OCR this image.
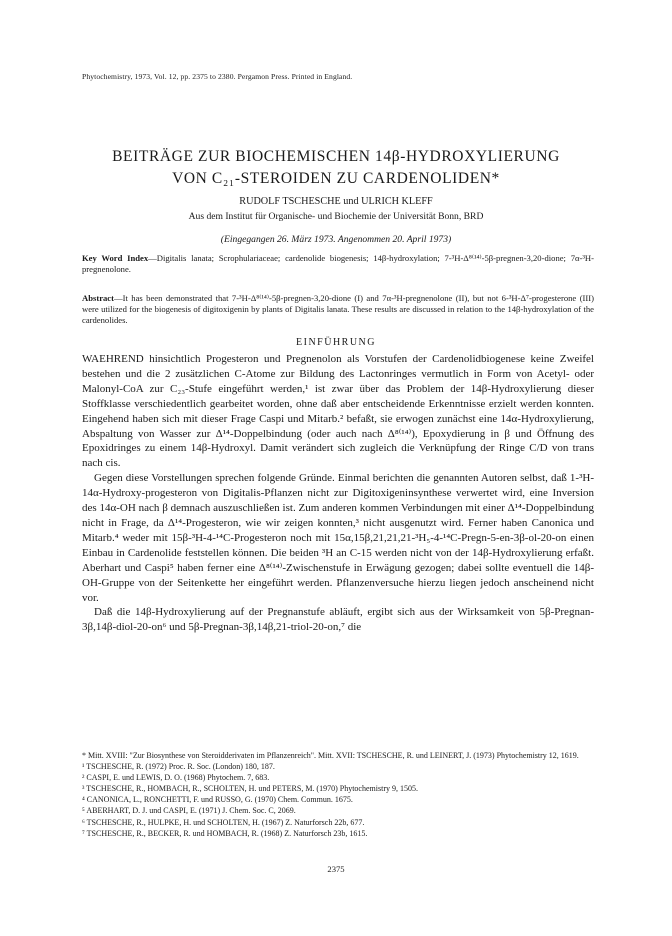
Phytochemistry, 1973, Vol. 12, pp. 2375 to 2380. Pergamon Press. Printed in England.
BEITRÄGE ZUR BIOCHEMISCHEN 14β-HYDROXYLIERUNG
VON C₂₁-STEROIDEN ZU CARDENOLIDEN*
RUDOLF TSCHESCHE und ULRICH KLEFF
Aus dem Institut für Organische- und Biochemie der Universität Bonn, BRD
(Eingegangen 26. März 1973. Angenommen 20. April 1973)
Key Word Index—Digitalis lanata; Scrophulariaceae; cardenolide biogenesis; 14β-hydroxylation; 7-³H-Δ⁸⁽¹⁴⁾-5β-pregnen-3,20-dione; 7α-³H-pregnenolone.
Abstract—It has been demonstrated that 7-³H-Δ⁸⁽¹⁴⁾-5β-pregnen-3,20-dione (I) and 7α-³H-pregnenolone (II), but not 6-³H-Δ⁷-progesterone (III) were utilized for the biogenesis of digitoxigenin by plants of Digitalis lanata. These results are discussed in relation to the 14β-hydroxylation of the cardenolides.
EINFÜHRUNG

WAEHREND hinsichtlich Progesteron und Pregnenolon als Vorstufen der Cardenolidbiogenese keine Zweifel bestehen und die 2 zusätzlichen C-Atome zur Bildung des Lactonringes vermutlich in Form von Acetyl- oder Malonyl-CoA zur C₂₃-Stufe eingeführt werden,¹ ist zwar über das Problem der 14β-Hydroxylierung dieser Stoffklasse verschiedentlich gearbeitet worden, ohne daß aber entscheidende Erkenntnisse erzielt werden konnten. Eingehend haben sich mit dieser Frage Caspi und Mitarb.² befaßt, sie erwogen zunächst eine 14α-Hydroxylierung, Abspaltung von Wasser zur Δ¹⁴-Doppelbindung (oder auch nach Δ⁸⁽¹⁴⁾), Epoxydierung in β und Öffnung des Epoxidringes zu einem 14β-Hydroxyl. Damit verändert sich zugleich die Verknüpfung der Ringe C/D von trans nach cis.

Gegen diese Vorstellungen sprechen folgende Gründe. Einmal berichten die genannten Autoren selbst, daß 1-³H-14α-Hydroxy-progesteron von Digitalis-Pflanzen nicht zur Digitoxigeninsynthese verwertet wird, eine Inversion des 14α-OH nach β demnach auszuschließen ist. Zum anderen kommen Verbindungen mit einer Δ¹⁴-Doppelbindung nicht in Frage, da Δ¹⁴-Progesteron, wie wir zeigen konnten,³ nicht ausgenutzt wird. Ferner haben Canonica und Mitarb.⁴ weder mit 15β-³H-4-¹⁴C-Progesteron noch mit 15α,15β,21,21,21-³H₅-4-¹⁴C-Pregn-5-en-3β-ol-20-on einen Einbau in Cardenolide feststellen können. Die beiden ³H an C-15 werden nicht von der 14β-Hydroxylierung erfaßt. Aberhart und Caspi⁵ haben ferner eine Δ⁸⁽¹⁴⁾-Zwischenstufe in Erwägung gezogen; dabei sollte eventuell die 14β-OH-Gruppe von der Seitenkette her eingeführt werden. Pflanzenversuche hierzu liegen jedoch anscheinend nicht vor.

Daß die 14β-Hydroxylierung auf der Pregnanstufe abläuft, ergibt sich aus der Wirksamkeit von 5β-Pregnan-3β,14β-diol-20-on⁶ und 5β-Pregnan-3β,14β,21-triol-20-on,⁷ die

* Mitt. XVIII: "Zur Biosynthese von Steroidderivaten im Pflanzenreich". Mitt. XVII: TSCHESCHE, R. und LEINERT, J. (1973) Phytochemistry 12, 1619.
¹ TSCHESCHE, R. (1972) Proc. R. Soc. (London) 180, 187.
² CASPI, E. und LEWIS, D. O. (1968) Phytochem. 7, 683.
³ TSCHESCHE, R., HOMBACH, R., SCHOLTEN, H. und PETERS, M. (1970) Phytochemistry 9, 1505.
⁴ CANONICA, L., RONCHETTI, F. und RUSSO, G. (1970) Chem. Commun. 1675.
⁵ ABERHART, D. J. und CASPI, E. (1971) J. Chem. Soc. C, 2069.
⁶ TSCHESCHE, R., HULPKE, H. und SCHOLTEN, H. (1967) Z. Naturforsch 22b, 677.
⁷ TSCHESCHE, R., BECKER, R. und HOMBACH, R. (1968) Z. Naturforsch 23b, 1615.
2375
